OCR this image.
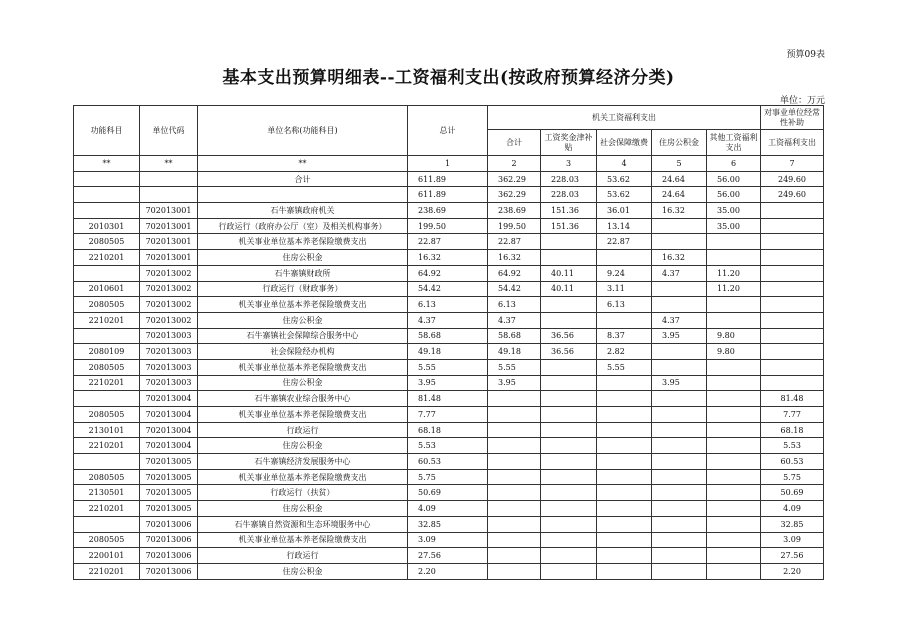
预算09表
基本支出预算明细表--工资福利支出(按政府预算经济分类)
单位：万元
功能科目	单位代码	单位名称(功能科目)	总计	机关工资福利支出					对事业单位经常性补助
				合计	工资奖金津补贴	社会保障缴费	住房公积金	其他工资福利支出	工资福利支出
**	**	**	1	2	3	4	5	6	7
		合计	611.89	362.29	228.03	53.62	24.64	56.00	249.60
			611.89	362.29	228.03	53.62	24.64	56.00	249.60
	702013001	石牛寨镇政府机关	238.69	238.69	151.36	36.01	16.32	35.00	
2010301	702013001	行政运行（政府办公厅（室）及相关机构事务）	199.50	199.50	151.36	13.14		35.00	
2080505	702013001	机关事业单位基本养老保险缴费支出	22.87	22.87		22.87			
2210201	702013001	住房公积金	16.32	16.32			16.32		
	702013002	石牛寨镇财政所	64.92	64.92	40.11	9.24	4.37	11.20	
2010601	702013002	行政运行（财政事务）	54.42	54.42	40.11	3.11		11.20	
2080505	702013002	机关事业单位基本养老保险缴费支出	6.13	6.13		6.13			
2210201	702013002	住房公积金	4.37	4.37			4.37		
	702013003	石牛寨镇社会保障综合服务中心	58.68	58.68	36.56	8.37	3.95	9.80	
2080109	702013003	社会保险经办机构	49.18	49.18	36.56	2.82		9.80	
2080505	702013003	机关事业单位基本养老保险缴费支出	5.55	5.55		5.55			
2210201	702013003	住房公积金	3.95	3.95			3.95		
	702013004	石牛寨镇农业综合服务中心	81.48						81.48
2080505	702013004	机关事业单位基本养老保险缴费支出	7.77						7.77
2130101	702013004	行政运行	68.18						68.18
2210201	702013004	住房公积金	5.53						5.53
	702013005	石牛寨镇经济发展服务中心	60.53						60.53
2080505	702013005	机关事业单位基本养老保险缴费支出	5.75						5.75
2130501	702013005	行政运行（扶贫）	50.69						50.69
2210201	702013005	住房公积金	4.09						4.09
	702013006	石牛寨镇自然资源和生态环境服务中心	32.85						32.85
2080505	702013006	机关事业单位基本养老保险缴费支出	3.09						3.09
2200101	702013006	行政运行	27.56						27.56
2210201	702013006	住房公积金	2.20						2.20
